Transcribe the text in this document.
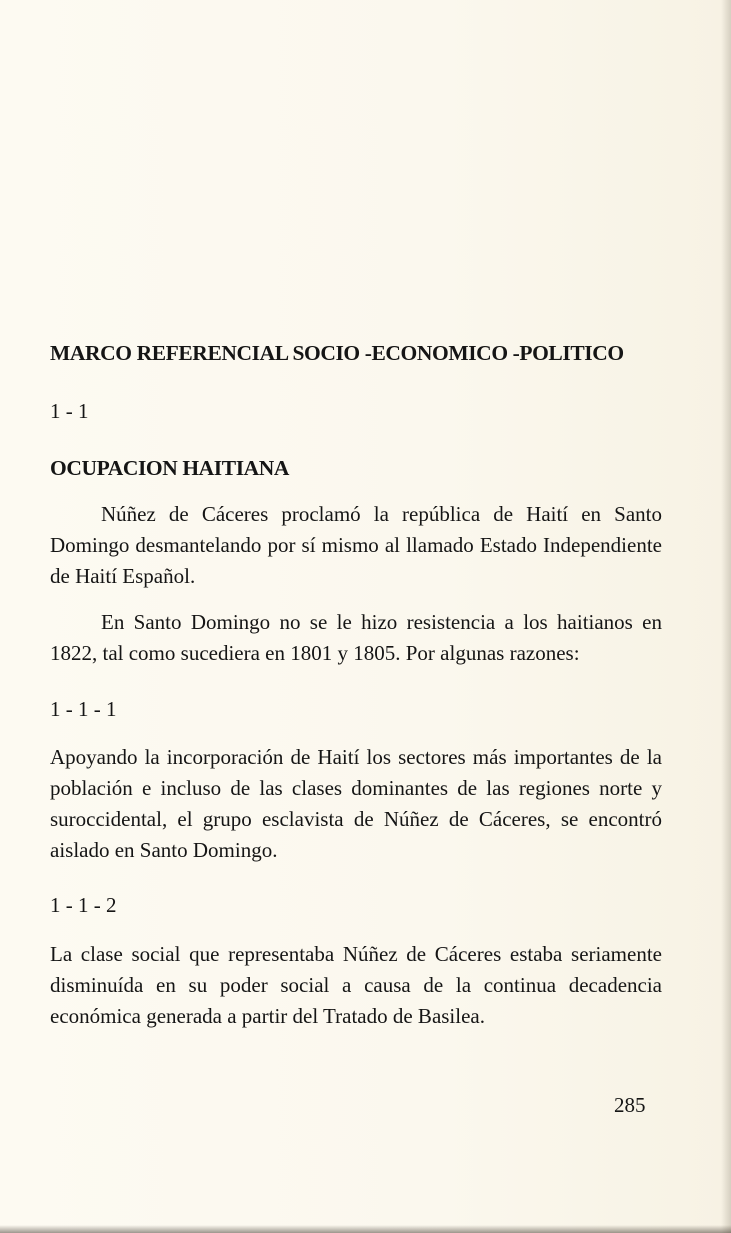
MARCO REFERENCIAL SOCIO -ECONOMICO -POLITICO
1 - 1
OCUPACION HAITIANA

Núñez de Cáceres proclamó la república de Haití en Santo Domingo desmantelando por sí mismo al llamado Estado Independiente de Haití Español.

En Santo Domingo no se le hizo resistencia a los haitianos en 1822, tal como sucediera en 1801 y 1805. Por algunas razones:

1 - 1 - 1

Apoyando la incorporación de Haití los sectores más importantes de la población e incluso de las clases dominantes de las regiones norte y suroccidental, el grupo esclavista de Núñez de Cáceres, se encontró aislado en Santo Domingo.

1 - 1 - 2

La clase social que representaba Núñez de Cáceres estaba seriamente disminuída en su poder social a causa de la continua decadencia económica generada a partir del Tratado de Basilea.

285
